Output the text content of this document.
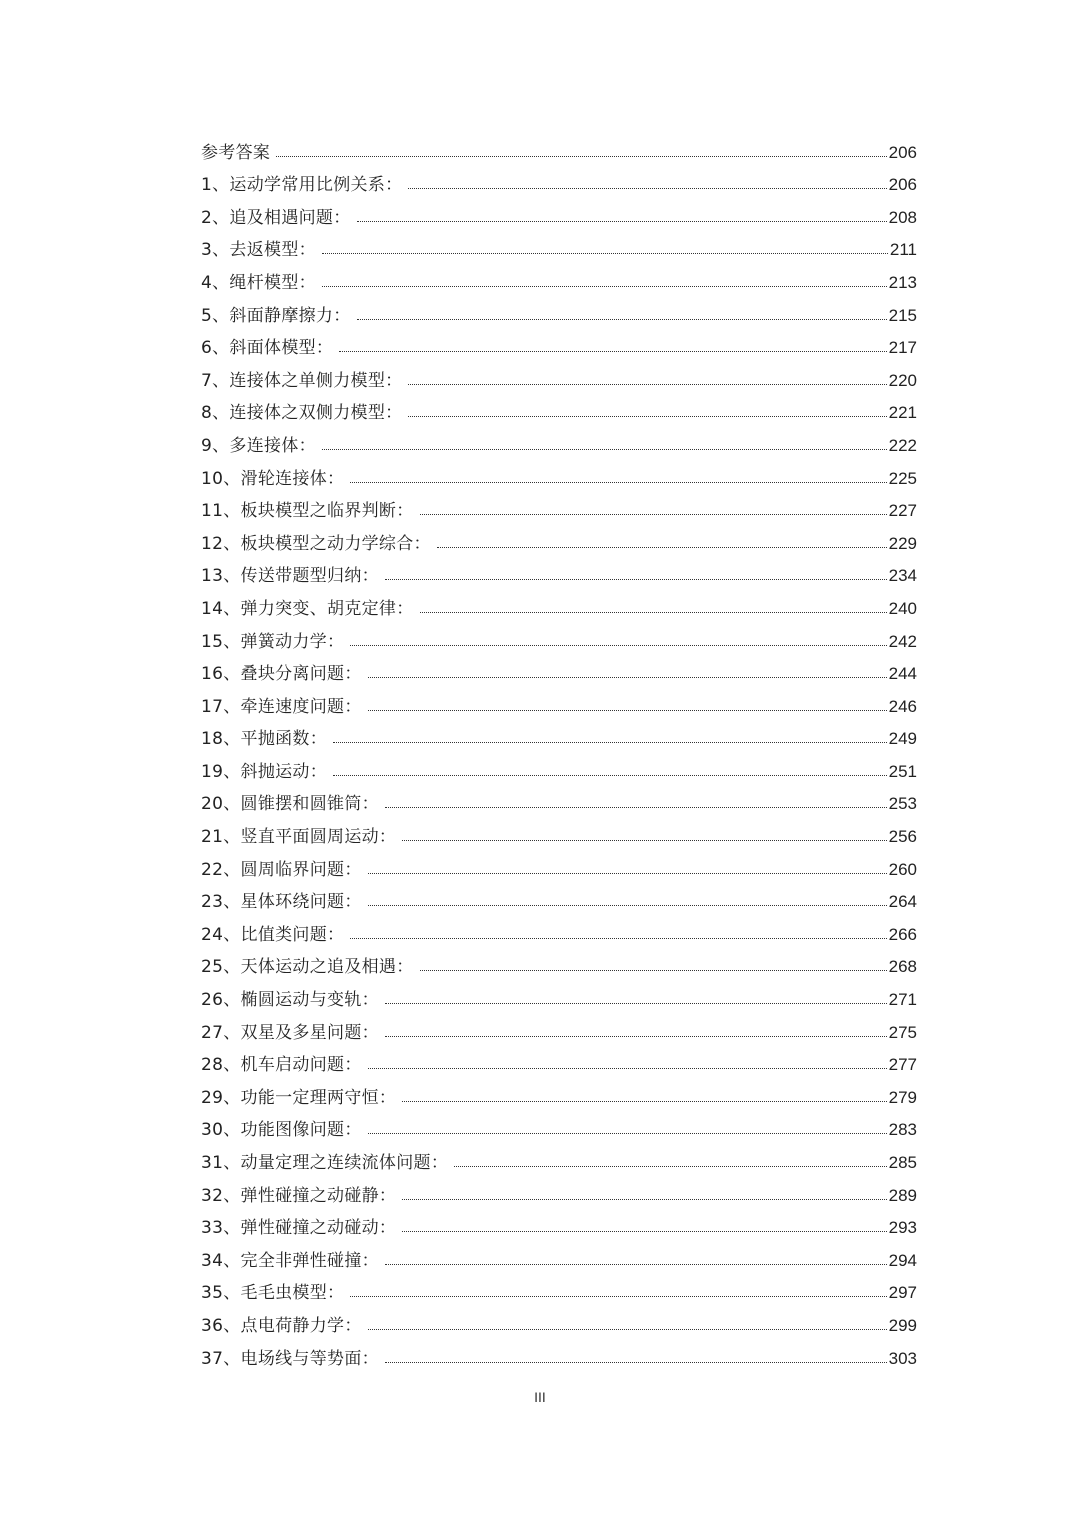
参考答案	206
1、运动学常用比例关系：	206
2、追及相遇问题：	208
3、去返模型：	211
4、绳杆模型：	213
5、斜面静摩擦力：	215
6、斜面体模型：	217
7、连接体之单侧力模型：	220
8、连接体之双侧力模型：	221
9、多连接体：	222
10、滑轮连接体：	225
11、板块模型之临界判断：	227
12、板块模型之动力学综合：	229
13、传送带题型归纳：	234
14、弹力突变、胡克定律：	240
15、弹簧动力学：	242
16、叠块分离问题：	244
17、牵连速度问题：	246
18、平抛函数：	249
19、斜抛运动：	251
20、圆锥摆和圆锥筒：	253
21、竖直平面圆周运动：	256
22、圆周临界问题：	260
23、星体环绕问题：	264
24、比值类问题：	266
25、天体运动之追及相遇：	268
26、椭圆运动与变轨：	271
27、双星及多星问题：	275
28、机车启动问题：	277
29、功能一定理两守恒：	279
30、功能图像问题：	283
31、动量定理之连续流体问题：	285
32、弹性碰撞之动碰静：	289
33、弹性碰撞之动碰动：	293
34、完全非弹性碰撞：	294
35、毛毛虫模型：	297
36、点电荷静力学：	299
37、电场线与等势面：	303
III
